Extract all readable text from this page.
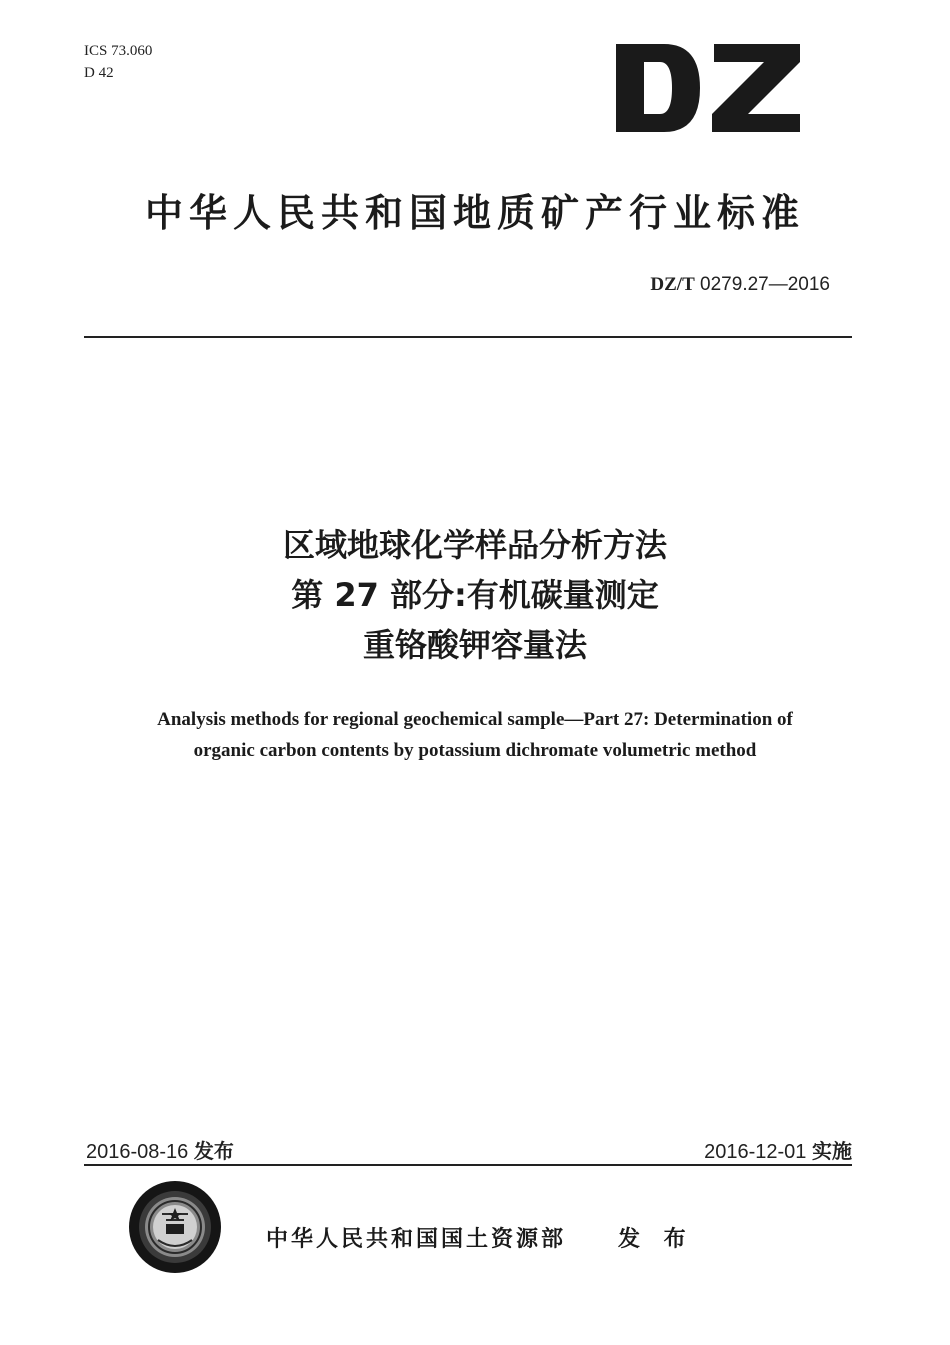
ICS 73.060
D 42
中华人民共和国地质矿产行业标准
DZ/T 0279.27—2016
区域地球化学样品分析方法
第 27 部分:有机碳量测定
重铬酸钾容量法
Analysis methods for regional geochemical sample—Part 27: Determination of
organic carbon contents by potassium dichromate volumetric method
2016-08-16 发布	2016-12-01 实施
中华人民共和国国土资源部 发 布
